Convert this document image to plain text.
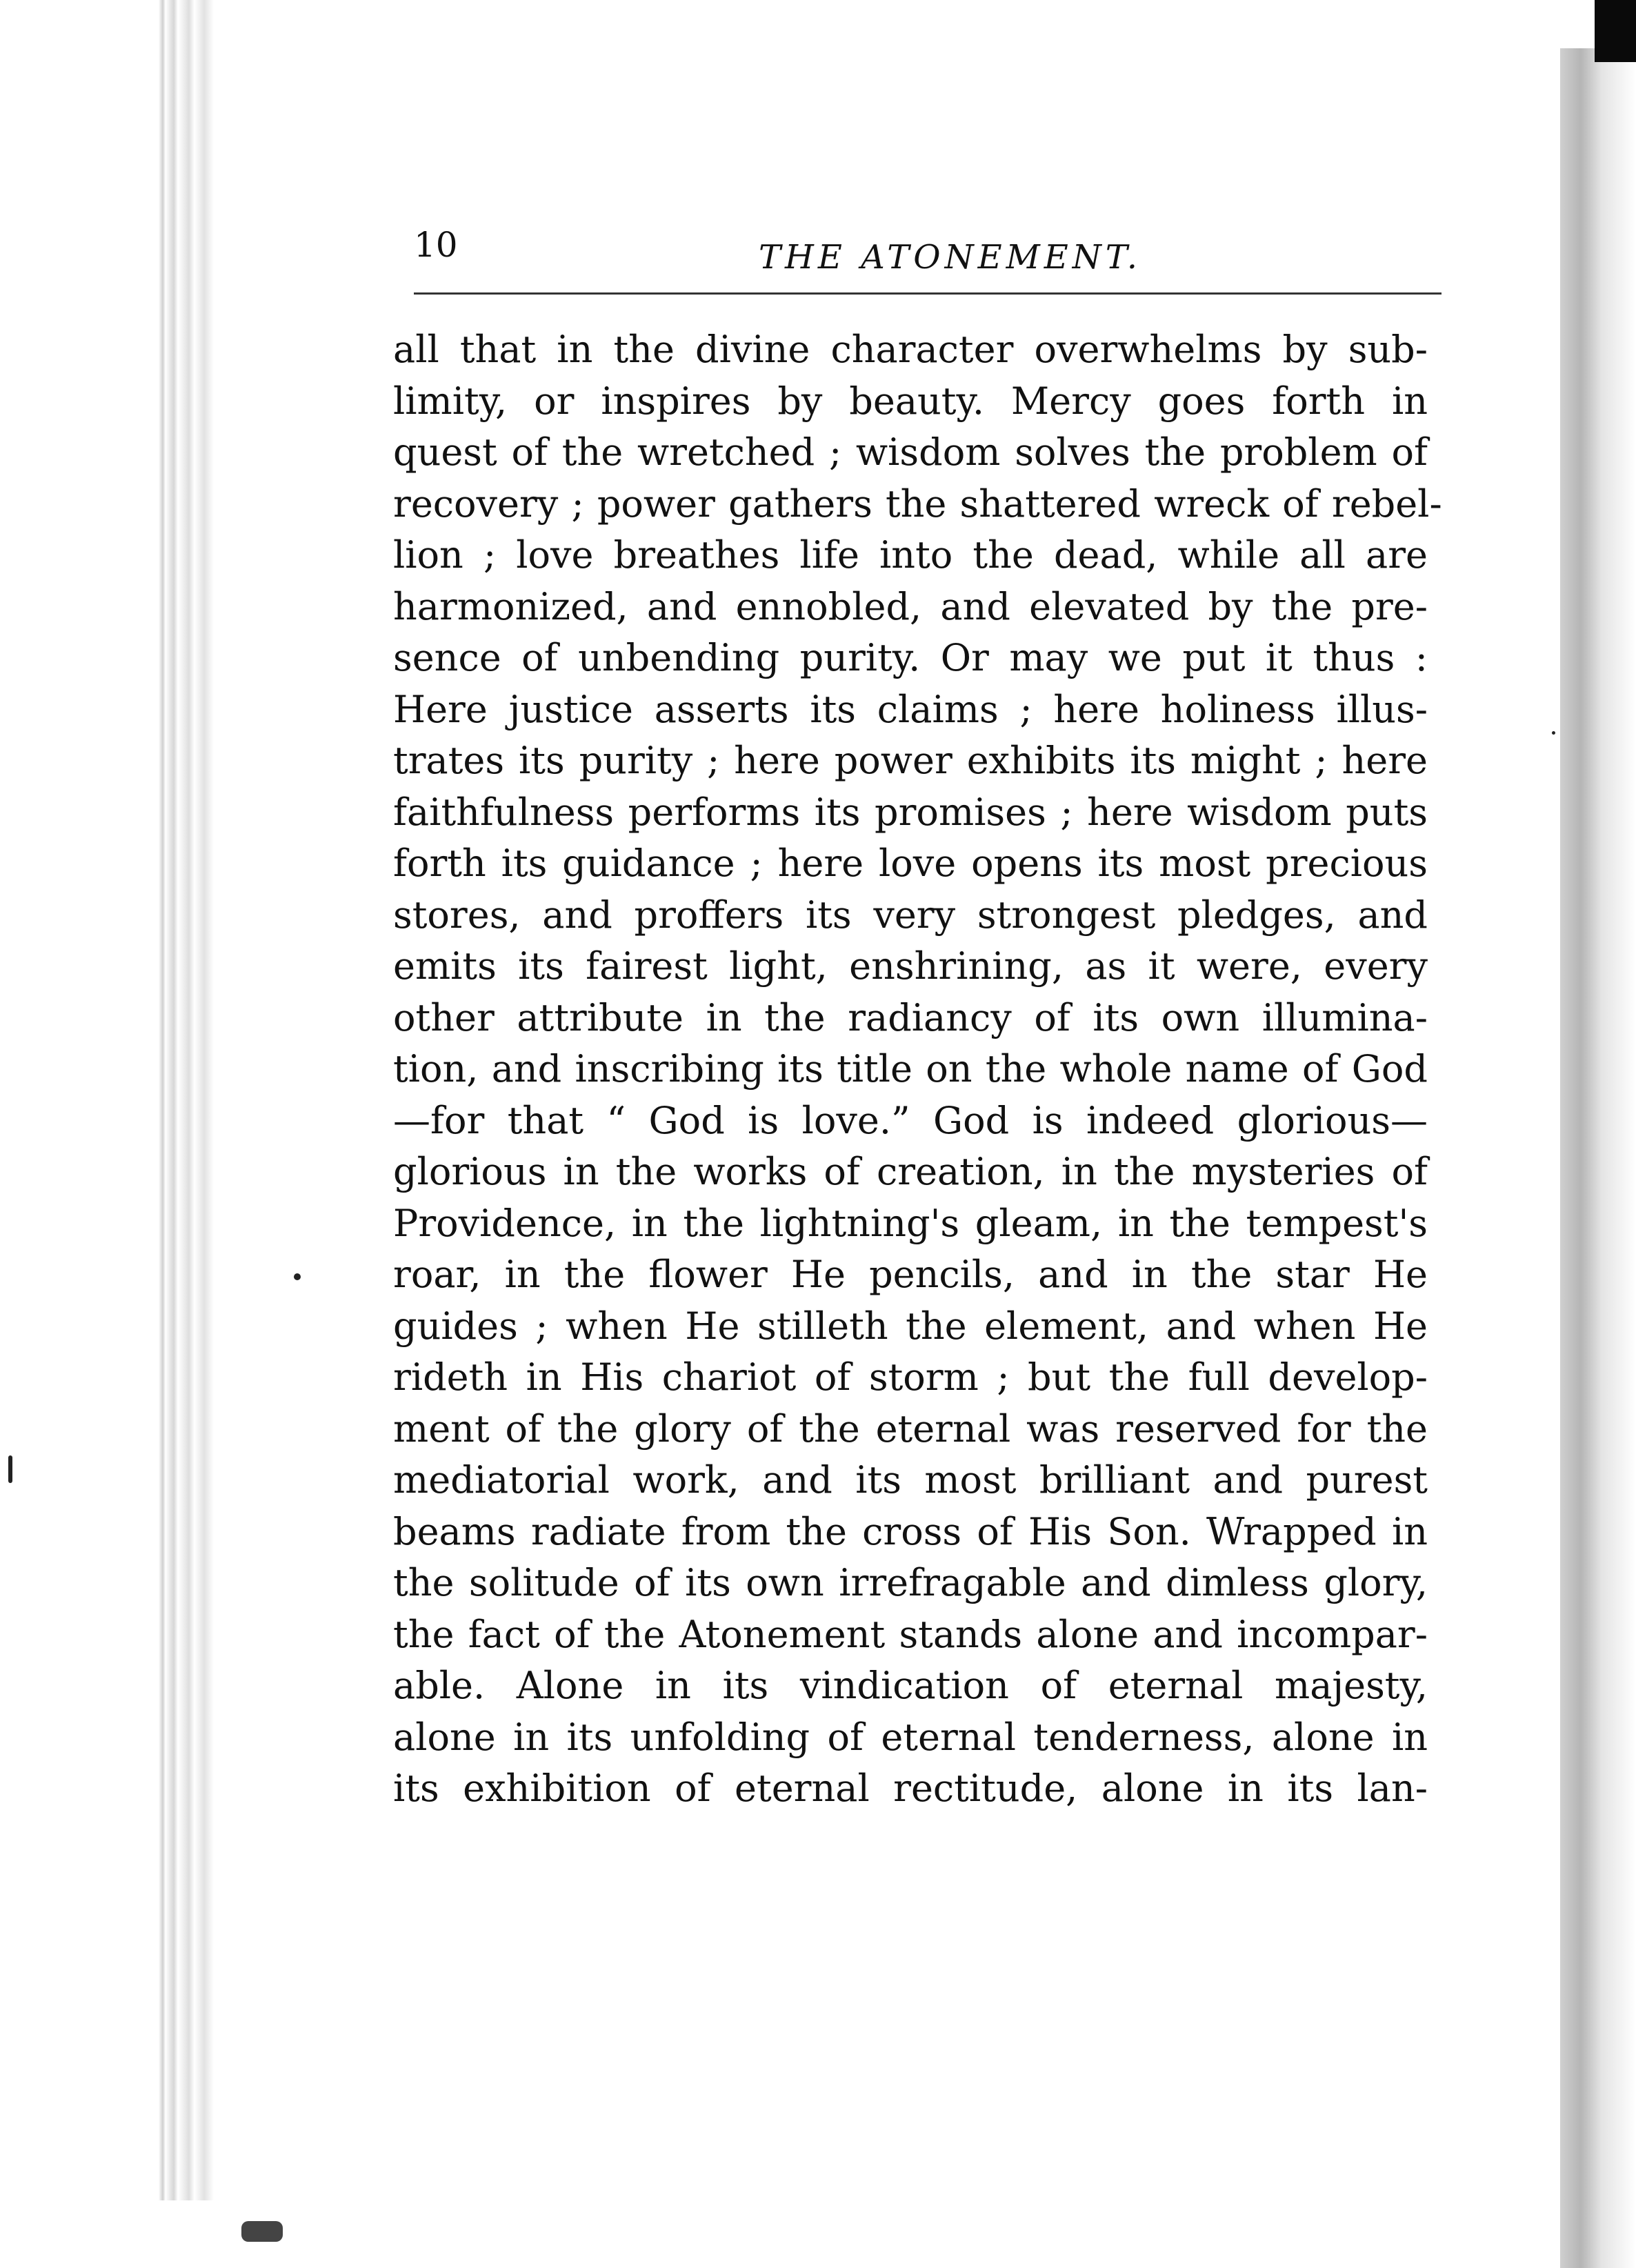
10	THE ATONEMENT.
all that in the divine character overwhelms by sub-
limity, or inspires by beauty. Mercy goes forth in
quest of the wretched ; wisdom solves the problem of
recovery ; power gathers the shattered wreck of rebel-
lion ; love breathes life into the dead, while all are
harmonized, and ennobled, and elevated by the pre-
sence of unbending purity. Or may we put it thus :
Here justice asserts its claims ; here holiness illus-
trates its purity ; here power exhibits its might ; here
faithfulness performs its promises ; here wisdom puts
forth its guidance ; here love opens its most precious
stores, and proffers its very strongest pledges, and
emits its fairest light, enshrining, as it were, every
other attribute in the radiancy of its own illumina-
tion, and inscribing its title on the whole name of God
—for that “ God is love.” God is indeed glorious—
glorious in the works of creation, in the mysteries of
Providence, in the lightning's gleam, in the tempest's
roar, in the flower He pencils, and in the star He
guides ; when He stilleth the element, and when He
rideth in His chariot of storm ; but the full develop-
ment of the glory of the eternal was reserved for the
mediatorial work, and its most brilliant and purest
beams radiate from the cross of His Son. Wrapped in
the solitude of its own irrefragable and dimless glory,
the fact of the Atonement stands alone and incompar-
able. Alone in its vindication of eternal majesty,
alone in its unfolding of eternal tenderness, alone in
its exhibition of eternal rectitude, alone in its lan-
